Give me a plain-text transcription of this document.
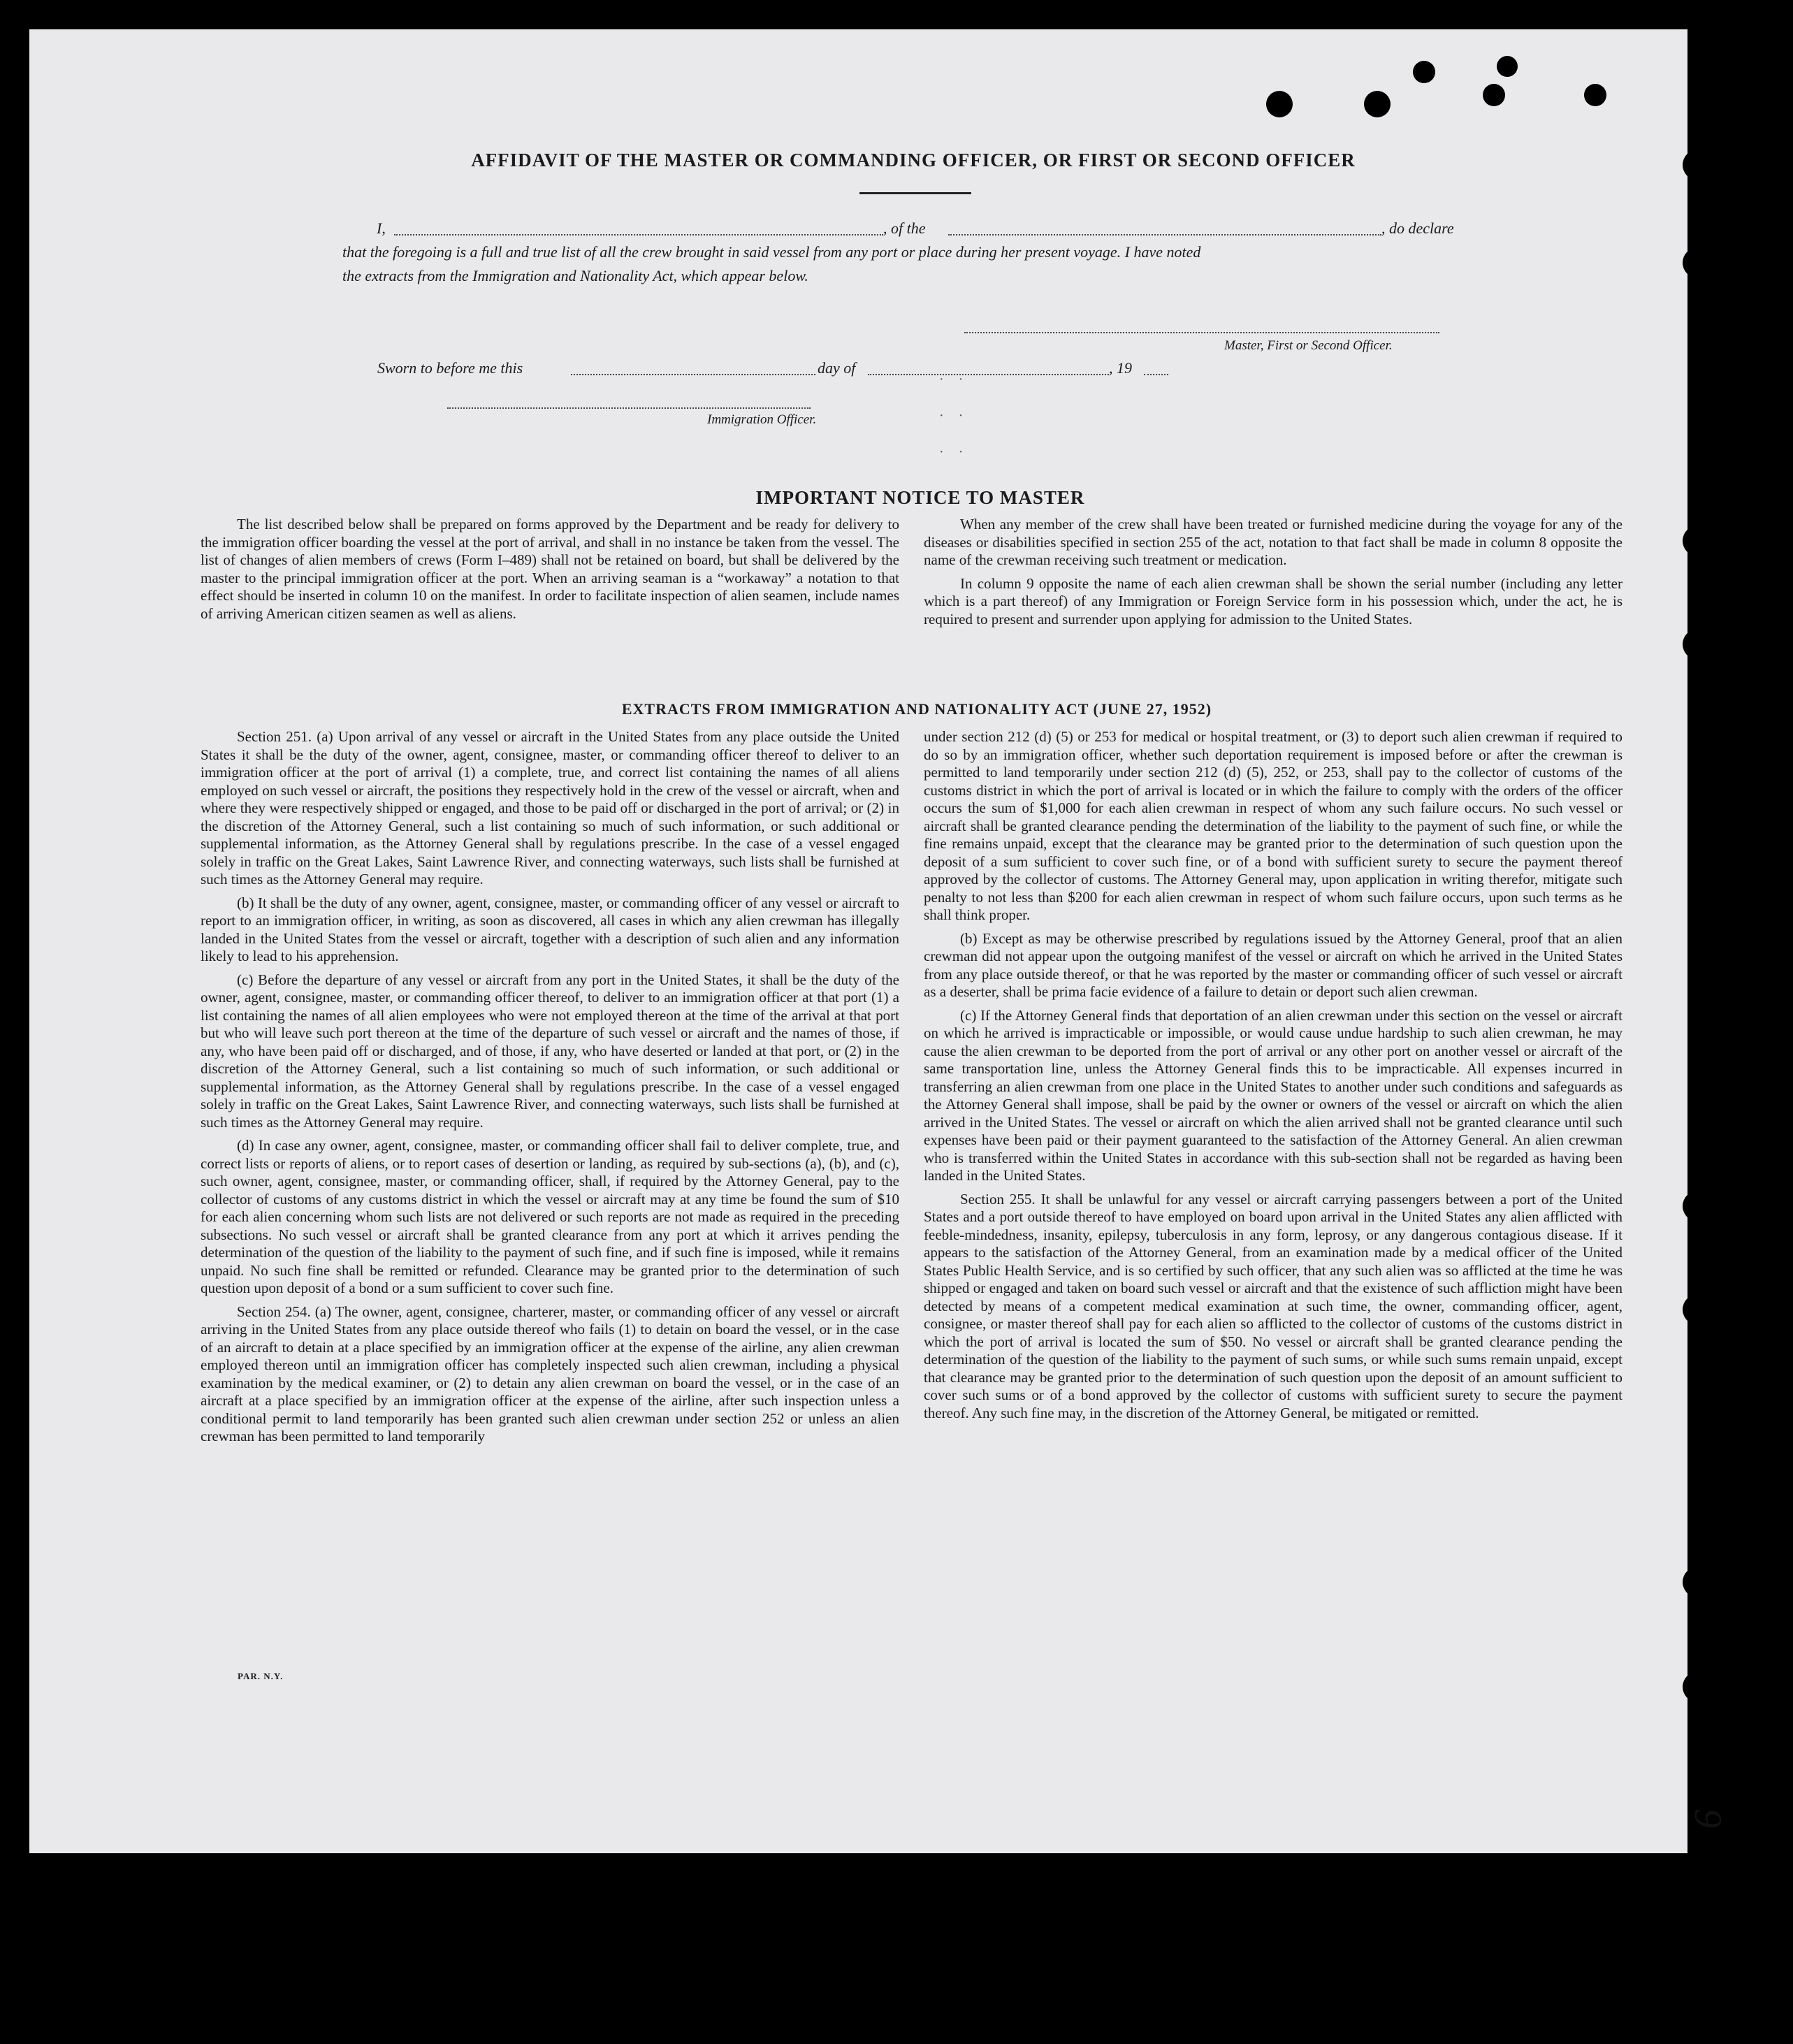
AFFIDAVIT OF THE MASTER OR COMMANDING OFFICER, OR FIRST OR SECOND OFFICER
I,	, of the	, do declare
that the foregoing is a full and true list of all the crew brought in said vessel from any port or place during her present voyage. I have noted
the extracts from the Immigration and Nationality Act, which appear below.
Master, First or Second Officer.
Sworn to before me this	day of	, 19
Immigration Officer.
· ·
· ·
· ·
IMPORTANT NOTICE TO MASTER

The list described below shall be prepared on forms approved by the Department and be ready for delivery to the immigration officer boarding the vessel at the port of arrival, and shall in no instance be taken from the vessel. The list of changes of alien members of crews (Form I–489) shall not be retained on board, but shall be delivered by the master to the principal immigration officer at the port. When an arriving seaman is a “workaway” a notation to that effect should be inserted in column 10 on the manifest. In order to facilitate inspection of alien seamen, include names of arriving American citizen seamen as well as aliens.

When any member of the crew shall have been treated or furnished medicine during the voyage for any of the diseases or disabilities specified in section 255 of the act, notation to that fact shall be made in column 8 opposite the name of the crewman receiving such treatment or medication.

In column 9 opposite the name of each alien crewman shall be shown the serial number (including any letter which is a part thereof) of any Immigration or Foreign Service form in his possession which, under the act, he is required to present and surrender upon applying for admission to the United States.

EXTRACTS FROM IMMIGRATION AND NATIONALITY ACT (JUNE 27, 1952)

Section 251. (a) Upon arrival of any vessel or aircraft in the United States from any place outside the United States it shall be the duty of the owner, agent, consignee, master, or commanding officer thereof to deliver to an immigration officer at the port of arrival (1) a complete, true, and correct list containing the names of all aliens employed on such vessel or aircraft, the positions they respectively hold in the crew of the vessel or aircraft, when and where they were respectively shipped or engaged, and those to be paid off or discharged in the port of arrival; or (2) in the discretion of the Attorney General, such a list containing so much of such information, or such additional or supplemental information, as the Attorney General shall by regulations prescribe. In the case of a vessel engaged solely in traffic on the Great Lakes, Saint Lawrence River, and connecting waterways, such lists shall be furnished at such times as the Attorney General may require.

(b) It shall be the duty of any owner, agent, consignee, master, or commanding officer of any vessel or aircraft to report to an immigration officer, in writing, as soon as discovered, all cases in which any alien crewman has illegally landed in the United States from the vessel or aircraft, together with a description of such alien and any information likely to lead to his apprehension.

(c) Before the departure of any vessel or aircraft from any port in the United States, it shall be the duty of the owner, agent, consignee, master, or commanding officer thereof, to deliver to an immigration officer at that port (1) a list containing the names of all alien employees who were not employed thereon at the time of the arrival at that port but who will leave such port thereon at the time of the departure of such vessel or aircraft and the names of those, if any, who have been paid off or discharged, and of those, if any, who have deserted or landed at that port, or (2) in the discretion of the Attorney General, such a list containing so much of such information, or such additional or supplemental information, as the Attorney General shall by regulations prescribe. In the case of a vessel engaged solely in traffic on the Great Lakes, Saint Lawrence River, and connecting waterways, such lists shall be furnished at such times as the Attorney General may require.

(d) In case any owner, agent, consignee, master, or commanding officer shall fail to deliver complete, true, and correct lists or reports of aliens, or to report cases of desertion or landing, as required by sub-sections (a), (b), and (c), such owner, agent, consignee, master, or commanding officer, shall, if required by the Attorney General, pay to the collector of customs of any customs district in which the vessel or aircraft may at any time be found the sum of $10 for each alien concerning whom such lists are not delivered or such reports are not made as required in the preceding subsections. No such vessel or aircraft shall be granted clearance from any port at which it arrives pending the determination of the question of the liability to the payment of such fine, and if such fine is imposed, while it remains unpaid. No such fine shall be remitted or refunded. Clearance may be granted prior to the determination of such question upon deposit of a bond or a sum sufficient to cover such fine.

Section 254. (a) The owner, agent, consignee, charterer, master, or commanding officer of any vessel or aircraft arriving in the United States from any place outside thereof who fails (1) to detain on board the vessel, or in the case of an aircraft to detain at a place specified by an immigration officer at the expense of the airline, any alien crewman employed thereon until an immigration officer has completely inspected such alien crewman, including a physical examination by the medical examiner, or (2) to detain any alien crewman on board the vessel, or in the case of an aircraft at a place specified by an immigration officer at the expense of the airline, after such inspection unless a conditional permit to land temporarily has been granted such alien crewman under section 252 or unless an alien crewman has been permitted to land temporarily

under section 212 (d) (5) or 253 for medical or hospital treatment, or (3) to deport such alien crewman if required to do so by an immigration officer, whether such deportation requirement is imposed before or after the crewman is permitted to land temporarily under section 212 (d) (5), 252, or 253, shall pay to the collector of customs of the customs district in which the port of arrival is located or in which the failure to comply with the orders of the officer occurs the sum of $1,000 for each alien crewman in respect of whom any such failure occurs. No such vessel or aircraft shall be granted clearance pending the determination of the liability to the payment of such fine, or while the fine remains unpaid, except that the clearance may be granted prior to the determination of such question upon the deposit of a sum sufficient to cover such fine, or of a bond with sufficient surety to secure the payment thereof approved by the collector of customs. The Attorney General may, upon application in writing therefor, mitigate such penalty to not less than $200 for each alien crewman in respect of whom such failure occurs, upon such terms as he shall think proper.

(b) Except as may be otherwise prescribed by regulations issued by the Attorney General, proof that an alien crewman did not appear upon the outgoing manifest of the vessel or aircraft on which he arrived in the United States from any place outside thereof, or that he was reported by the master or commanding officer of such vessel or aircraft as a deserter, shall be prima facie evidence of a failure to detain or deport such alien crewman.

(c) If the Attorney General finds that deportation of an alien crewman under this section on the vessel or aircraft on which he arrived is impracticable or impossible, or would cause undue hardship to such alien crewman, he may cause the alien crewman to be deported from the port of arrival or any other port on another vessel or aircraft of the same transportation line, unless the Attorney General finds this to be impracticable. All expenses incurred in transferring an alien crewman from one place in the United States to another under such conditions and safeguards as the Attorney General shall impose, shall be paid by the owner or owners of the vessel or aircraft on which the alien arrived in the United States. The vessel or aircraft on which the alien arrived shall not be granted clearance until such expenses have been paid or their payment guaranteed to the satisfaction of the Attorney General. An alien crewman who is transferred within the United States in accordance with this sub-section shall not be regarded as having been landed in the United States.

Section 255. It shall be unlawful for any vessel or aircraft carrying passengers between a port of the United States and a port outside thereof to have employed on board upon arrival in the United States any alien afflicted with feeble-mindedness, insanity, epilepsy, tuberculosis in any form, leprosy, or any dangerous contagious disease. If it appears to the satisfaction of the Attorney General, from an examination made by a medical officer of the United States Public Health Service, and is so certified by such officer, that any such alien was so afflicted at the time he was shipped or engaged and taken on board such vessel or aircraft and that the existence of such affliction might have been detected by means of a competent medical examination at such time, the owner, commanding officer, agent, consignee, or master thereof shall pay for each alien so afflicted to the collector of customs of the customs district in which the port of arrival is located the sum of $50. No vessel or aircraft shall be granted clearance pending the determination of the question of the liability to the payment of such sums, or while such sums remain unpaid, except that clearance may be granted prior to the determination of such question upon the deposit of an amount sufficient to cover such sums or of a bond approved by the collector of customs with sufficient surety to secure the payment thereof. Any such fine may, in the discretion of the Attorney General, be mitigated or remitted.

PAR. N.Y.
9
